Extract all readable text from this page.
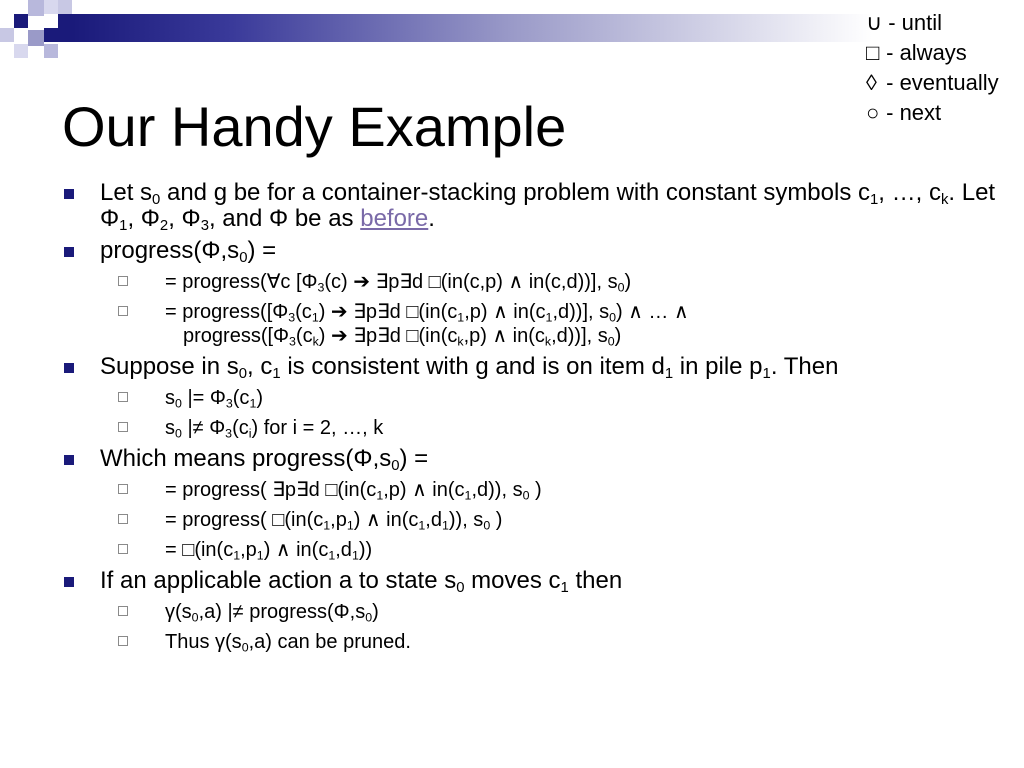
∪ - until
□ - always
◊ - eventually
○ - next
Our Handy Example
Let $s_0$ and g be for a container-stacking problem with constant symbols $c_1$, …, $c_k$. Let $\Phi_1$, $\Phi_2$, $\Phi_3$, and Φ be as before.
$progress(\Phi,s_0)$ =
= progress(∀c [$\Phi_3(c)$ ➔ ∃p∃d □(in(c,p) ∧ in(c,d))], $s_0$)
= $progress([\Phi_3(c_1)$ ➔ ∃p∃d $□(in(c_1,p)$ ∧ $in(c_1,d)$)], $s_0$) ∧ … ∧
$progress([\Phi_3(c_k)$ ➔ ∃p∃d $□(in(c_k,p)$ ∧ $in(c_k,d)$)], $s_0$)
Suppose in $s_0$, $c_1$ is consistent with g and is on item $d_1$ in pile $p_1$. Then
$s_0$ |= $\Phi_3(c_1)$
$s_0$ |≠ $\Phi_3(c_i)$ for i = 2, …, k
Which means $progress(\Phi,s_0)$ =
= progress( ∃p∃d $□(in(c_1,p)$ ∧ $in(c_1,d)$), $s_0$ )
= progress( $□(in(c_1,p_1)$ ∧ $in(c_1,d_1)$), $s_0$ )
= $□(in(c_1,p_1)$ ∧ $in(c_1,d_1)$)
If an applicable action a to state $s_0$ moves $c_1$ then
$\gamma(s_0,a)$ |≠ $progress(\Phi,s_0)$
Thus $\gamma(s_0,a)$ can be pruned.
